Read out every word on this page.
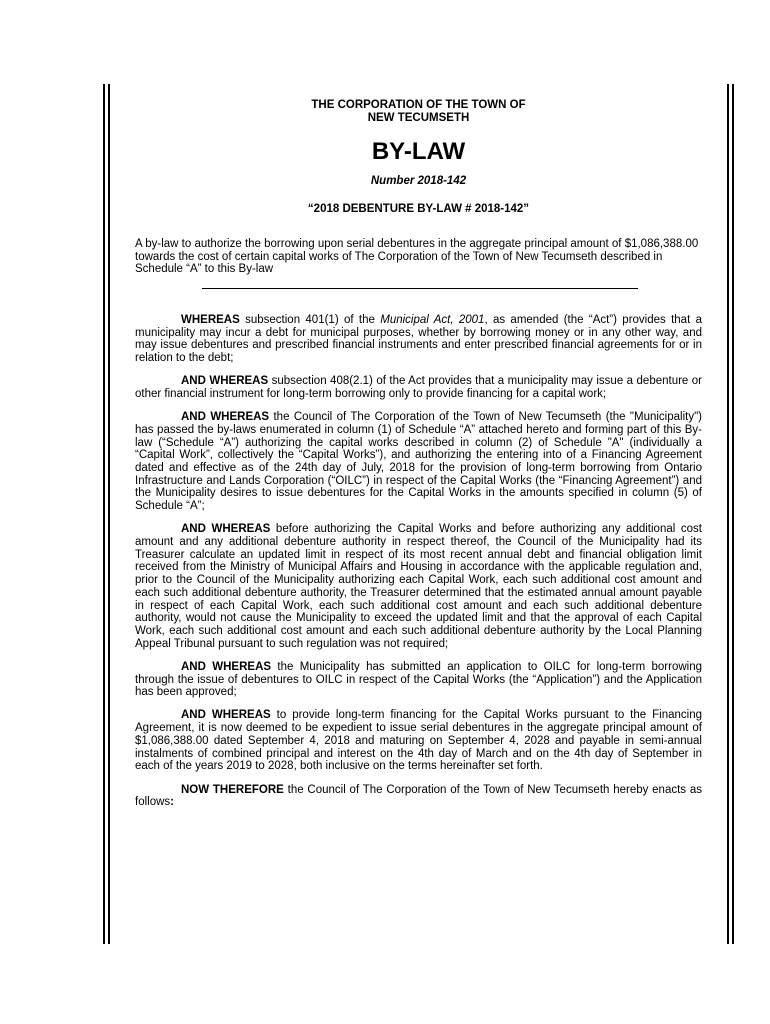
THE CORPORATION OF THE TOWN OF
NEW TECUMSETH
BY-LAW
Number 2018-142
“2018 DEBENTURE BY-LAW # 2018-142”
A by-law to authorize the borrowing upon serial debentures in the aggregate principal amount of $1,086,388.00 towards the cost of certain capital works of The Corporation of the Town of New Tecumseth described in Schedule “A” to this By-law

WHEREAS subsection 401(1) of the Municipal Act, 2001, as amended (the “Act”) provides that a municipality may incur a debt for municipal purposes, whether by borrowing money or in any other way, and may issue debentures and prescribed financial instruments and enter prescribed financial agreements for or in relation to the debt;

AND WHEREAS subsection 408(2.1) of the Act provides that a municipality may issue a debenture or other financial instrument for long-term borrowing only to provide financing for a capital work;

AND WHEREAS the Council of The Corporation of the Town of New Tecumseth (the "Municipality") has passed the by-laws enumerated in column (1) of Schedule “A” attached hereto and forming part of this By-law (“Schedule “A”) authorizing the capital works described in column (2) of Schedule "A" (individually a “Capital Work”, collectively the “Capital Works”), and authorizing the entering into of a Financing Agreement dated and effective as of the 24th day of July, 2018 for the provision of long-term borrowing from Ontario Infrastructure and Lands Corporation (“OILC”) in respect of the Capital Works (the “Financing Agreement”) and the Municipality desires to issue debentures for the Capital Works in the amounts specified in column (5) of Schedule “A”;

AND WHEREAS before authorizing the Capital Works and before authorizing any additional cost amount and any additional debenture authority in respect thereof, the Council of the Municipality had its Treasurer calculate an updated limit in respect of its most recent annual debt and financial obligation limit received from the Ministry of Municipal Affairs and Housing in accordance with the applicable regulation and, prior to the Council of the Municipality authorizing each Capital Work, each such additional cost amount and each such additional debenture authority, the Treasurer determined that the estimated annual amount payable in respect of each Capital Work, each such additional cost amount and each such additional debenture authority, would not cause the Municipality to exceed the updated limit and that the approval of each Capital Work, each such additional cost amount and each such additional debenture authority by the Local Planning Appeal Tribunal pursuant to such regulation was not required;

AND WHEREAS the Municipality has submitted an application to OILC for long-term borrowing through the issue of debentures to OILC in respect of the Capital Works (the “Application”) and the Application has been approved;

AND WHEREAS to provide long-term financing for the Capital Works pursuant to the Financing Agreement, it is now deemed to be expedient to issue serial debentures in the aggregate principal amount of $1,086,388.00 dated September 4, 2018 and maturing on September 4, 2028 and payable in semi-annual instalments of combined principal and interest on the 4th day of March and on the 4th day of September in each of the years 2019 to 2028, both inclusive on the terms hereinafter set forth.

NOW THEREFORE the Council of The Corporation of the Town of New Tecumseth hereby enacts as follows:
